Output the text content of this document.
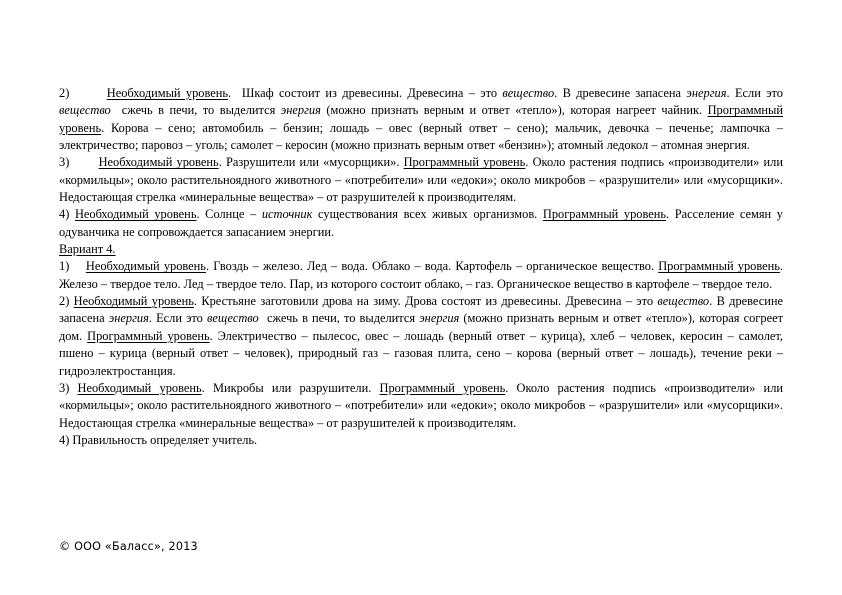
2)	Необходимый уровень.  Шкаф состоит из древесины. Древесина – это вещество. В древесине запасена энергия. Если это вещество  сжечь в печи, то выделится энергия (можно признать верным и ответ «тепло»), которая нагреет чайник. Программный уровень. Корова – сено; автомобиль – бензин; лошадь – овес (верный ответ – сено); мальчик, девочка – печенье; лампочка – электричество; паровоз – уголь; самолет – керосин (можно признать верным ответ «бензин»); атомный ледокол – атомная энергия.
3) Необходимый уровень. Разрушители или «мусорщики». Программный уровень. Около растения подпись «производители» или «кормильцы»; около растительноядного животного – «потребители» или «едоки»; около микробов – «разрушители» или «мусорщики». Недостающая стрелка «минеральные вещества» – от разрушителей к производителям.
4) Необходимый уровень. Солнце – источник существования всех живых организмов. Программный уровень. Расселение семян у одуванчика не сопровождается запасанием энергии.
Вариант 4.
1) Необходимый уровень. Гвоздь – железо. Лед – вода. Облако – вода. Картофель – органическое вещество. Программный уровень. Железо – твердое тело. Лед – твердое тело. Пар, из которого состоит облако, – газ. Органическое вещество в картофеле – твердое тело.
2) Необходимый уровень. Крестьяне заготовили дрова на зиму. Дрова состоят из древесины. Древесина – это вещество. В древесине запасена энергия. Если это вещество  сжечь в печи, то выделится энергия (можно признать верным и ответ «тепло»), которая согреет дом. Программный уровень. Электричество – пылесос, овес – лошадь (верный ответ – курица), хлеб – человек, керосин – самолет, пшено – курица (верный ответ – человек), природный газ – газовая плита, сено – корова (верный ответ – лошадь), течение реки – гидроэлектростанция.
3) Необходимый уровень. Микробы или разрушители. Программный уровень. Около растения подпись «производители» или «кормильцы»; около растительноядного животного – «потребители» или «едоки»; около микробов – «разрушители» или «мусорщики». Недостающая стрелка «минеральные вещества» – от разрушителей к производителям.
4) Правильность определяет учитель.
© ООО «Баласс», 2013
